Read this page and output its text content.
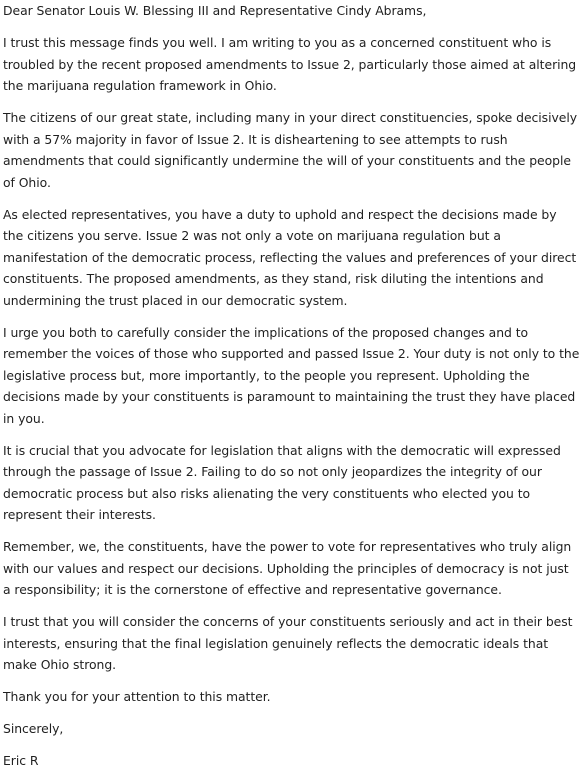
Dear Senator Louis W. Blessing III and Representative Cindy Abrams,

I trust this message finds you well. I am writing to you as a concerned constituent who is troubled by the recent proposed amendments to Issue 2, particularly those aimed at altering the marijuana regulation framework in Ohio.

The citizens of our great state, including many in your direct constituencies, spoke decisively with a 57% majority in favor of Issue 2. It is disheartening to see attempts to rush amendments that could significantly undermine the will of your constituents and the people of Ohio.

As elected representatives, you have a duty to uphold and respect the decisions made by the citizens you serve. Issue 2 was not only a vote on marijuana regulation but a manifestation of the democratic process, reflecting the values and preferences of your direct constituents. The proposed amendments, as they stand, risk diluting the intentions and undermining the trust placed in our democratic system.

I urge you both to carefully consider the implications of the proposed changes and to remember the voices of those who supported and passed Issue 2. Your duty is not only to the legislative process but, more importantly, to the people you represent. Upholding the decisions made by your constituents is paramount to maintaining the trust they have placed in you.

It is crucial that you advocate for legislation that aligns with the democratic will expressed through the passage of Issue 2. Failing to do so not only jeopardizes the integrity of our democratic process but also risks alienating the very constituents who elected you to represent their interests.

Remember, we, the constituents, have the power to vote for representatives who truly align with our values and respect our decisions. Upholding the principles of democracy is not just a responsibility; it is the cornerstone of effective and representative governance.

I trust that you will consider the concerns of your constituents seriously and act in their best interests, ensuring that the final legislation genuinely reflects the democratic ideals that make Ohio strong.

Thank you for your attention to this matter.

Sincerely,

Eric R
